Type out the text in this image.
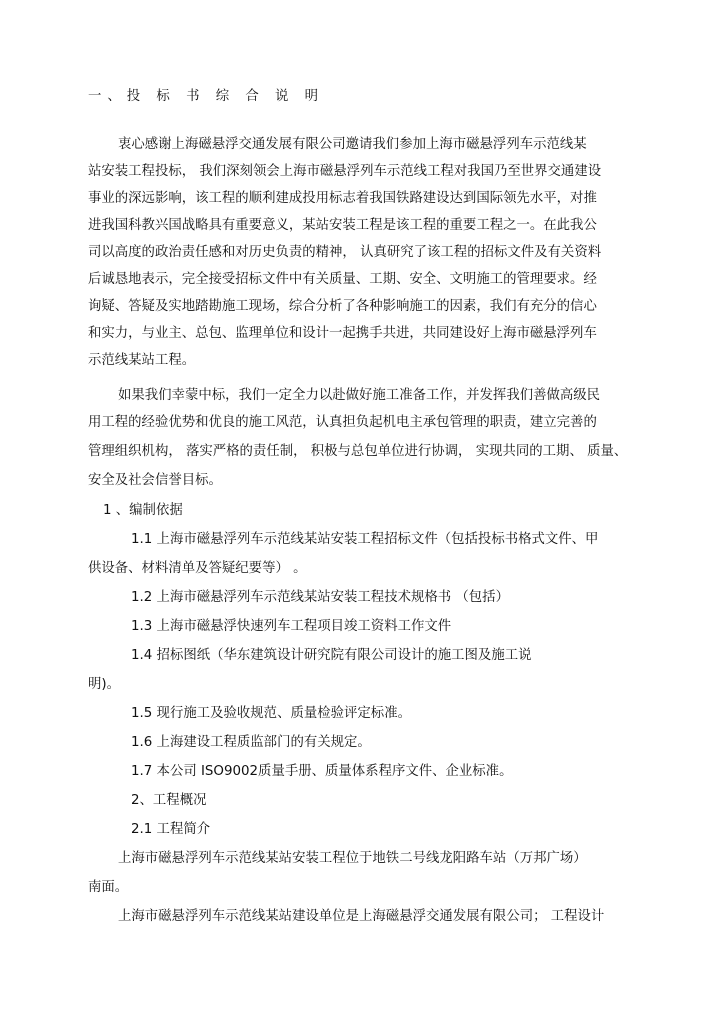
一、投 标 书 综 合 说 明
衷心感谢上海磁悬浮交通发展有限公司邀请我们参加上海市磁悬浮列车示范线某
站安装工程投标， 我们深刻领会上海市磁悬浮列车示范线工程对我国乃至世界交通建设
事业的深远影响，该工程的顺利建成投用标志着我国铁路建设达到国际领先水平，对推
进我国科教兴国战略具有重要意义，某站安装工程是该工程的重要工程之一。在此我公
司以高度的政治责任感和对历史负责的精神， 认真研究了该工程的招标文件及有关资料
后诚恳地表示，完全接受招标文件中有关质量、工期、安全、文明施工的管理要求。经
询疑、答疑及实地踏勘施工现场，综合分析了各种影响施工的因素，我们有充分的信心
和实力，与业主、总包、监理单位和设计一起携手共进，共同建设好上海市磁悬浮列车
示范线某站工程。
如果我们幸蒙中标，我们一定全力以赴做好施工准备工作，并发挥我们善做高级民
用工程的经验优势和优良的施工风范，认真担负起机电主承包管理的职责，建立完善的
管理组织机构， 落实严格的责任制， 积极与总包单位进行协调， 实现共同的工期、 质量、
安全及社会信誉目标。
1 、编制依据
1.1 上海市磁悬浮列车示范线某站安装工程招标文件（包括投标书格式文件、甲
供设备、材料清单及答疑纪要等） 。
1.2 上海市磁悬浮列车示范线某站安装工程技术规格书 （包括）
1.3 上海市磁悬浮快速列车工程项目竣工资料工作文件
1.4 招标图纸（华东建筑设计研究院有限公司设计的施工图及施工说
明)。
1.5 现行施工及验收规范、质量检验评定标准。
1.6 上海建设工程质监部门的有关规定。
1.7 本公司 ISO9002质量手册、质量体系程序文件、企业标准。
2、工程概况
2.1 工程简介
上海市磁悬浮列车示范线某站安装工程位于地铁二号线龙阳路车站（万邦广场）
南面。
上海市磁悬浮列车示范线某站建设单位是上海磁悬浮交通发展有限公司； 工程设计
